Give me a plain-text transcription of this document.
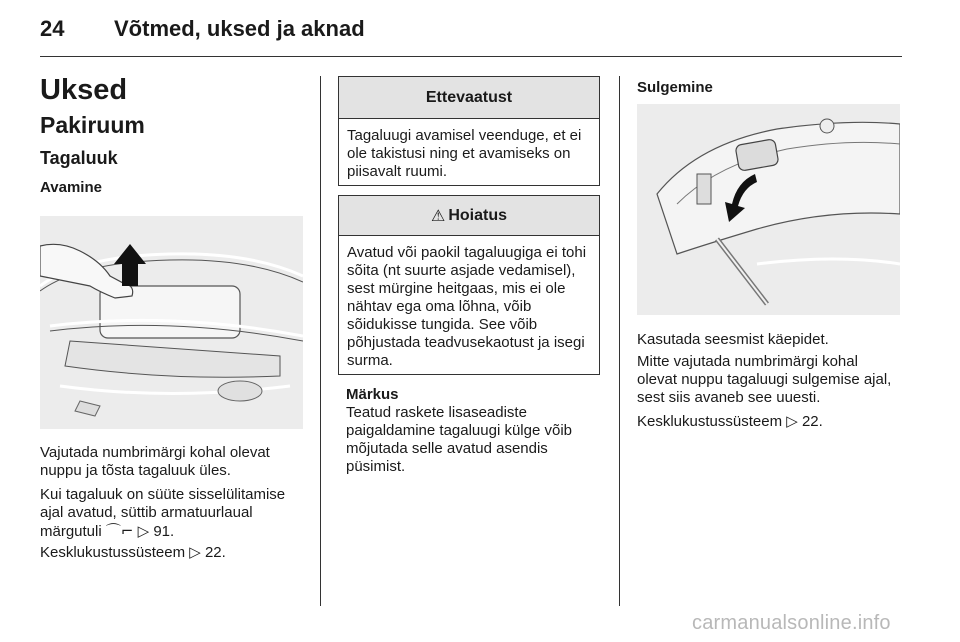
24	Võtmed, uksed ja aknad
Uksed
Pakiruum
Tagaluuk
Avamine
Vajutada numbrimärgi kohal olevat nuppu ja tõsta tagaluuk üles.
Kui tagaluuk on süüte sisselülitamise ajal avatud, süttib armatuurlaual märgutuli ⌒⌐ ▷ 91.
Kesklukustussüsteem ▷ 22.
Ettevaatust
Tagaluugi avamisel veenduge, et ei ole takistusi ning et avamiseks on piisavalt ruumi.
⚠ Hoiatus
Avatud või paokil tagaluugiga ei tohi sõita (nt suurte asjade vedamisel), sest mürgine heitgaas, mis ei ole nähtav ega oma lõhna, võib sõidukisse tungida. See võib põhjustada teadvusekaotust ja isegi surma.
Märkus
Teatud raskete lisaseadiste paigaldamine tagaluugi külge võib mõjutada selle avatud asendis püsimist.
Sulgemine
Kasutada seesmist käepidet.
Mitte vajutada numbrimärgi kohal olevat nuppu tagaluugi sulgemise ajal, sest siis avaneb see uuesti.
Kesklukustussüsteem ▷ 22.
carmanualsonline.info
